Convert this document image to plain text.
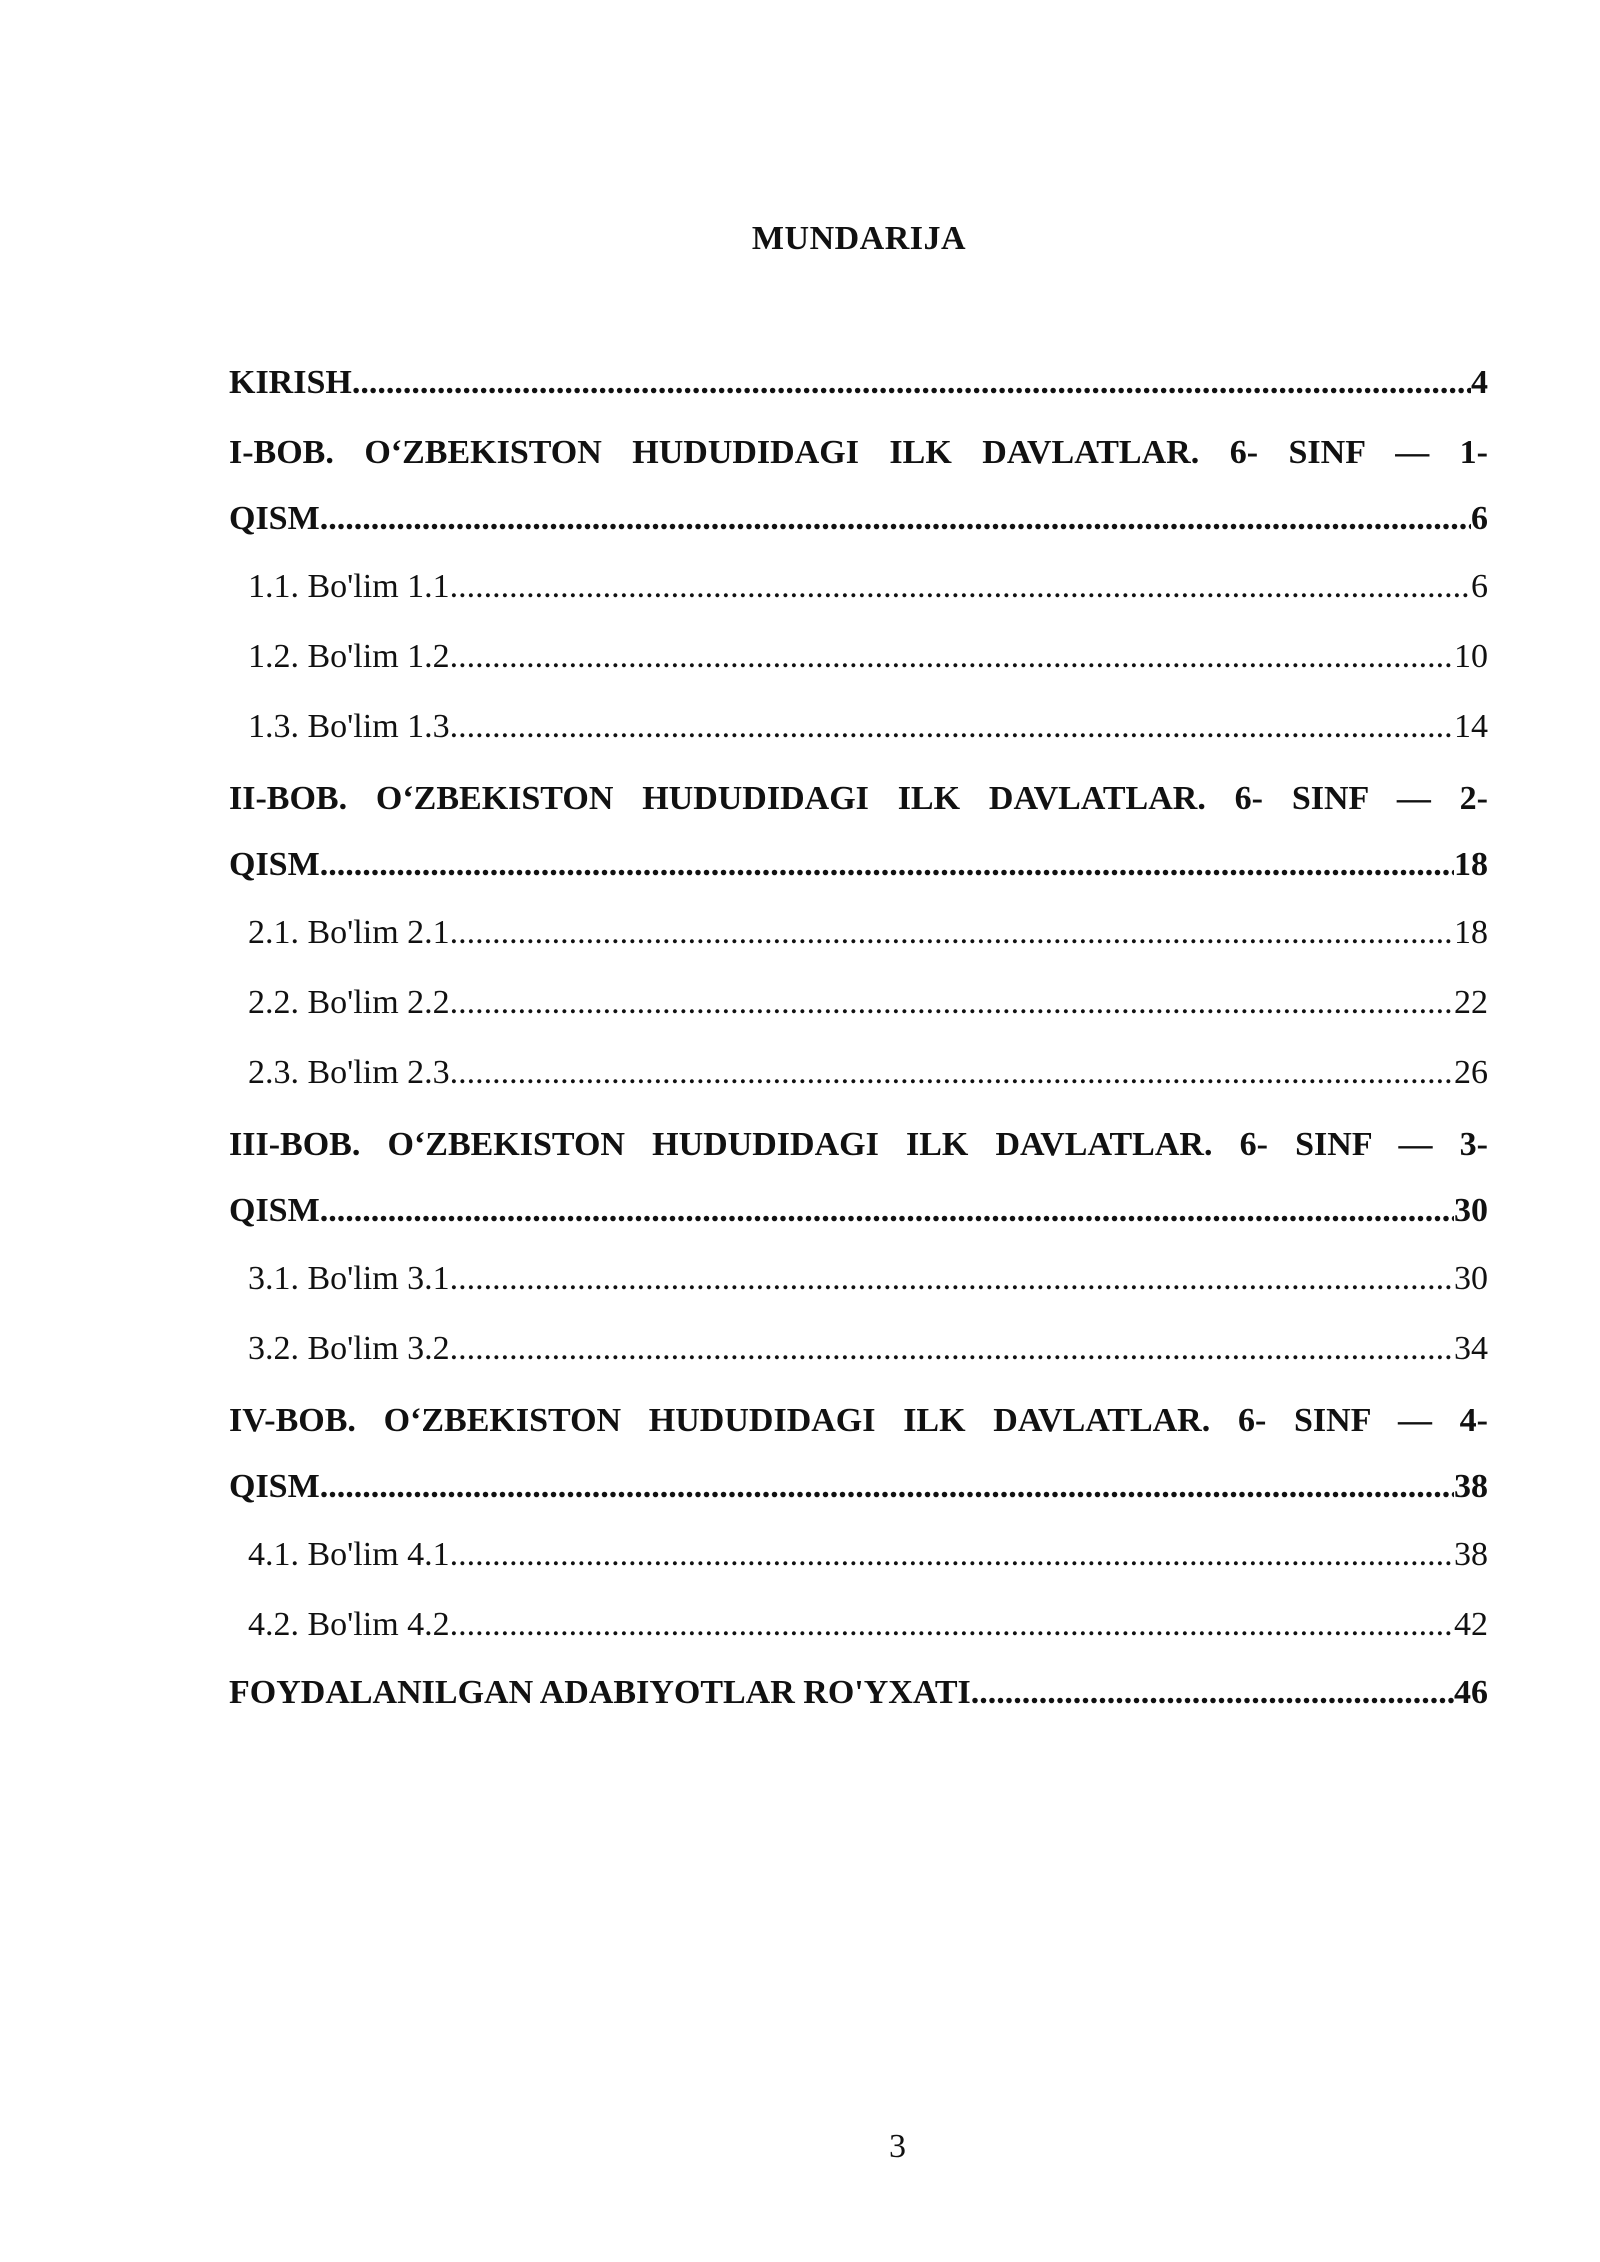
MUNDARIJA
KIRISH .....	4
I-BOB. O‘ZBEKISTON HUDUDIDAGI ILK DAVLATLAR. 6- SINF — 1-
QISM .....	6
1.1. Bo'lim 1.1 .....	6
1.2. Bo'lim 1.2 .....	10
1.3. Bo'lim 1.3 .....	14
II-BOB. O‘ZBEKISTON HUDUDIDAGI ILK DAVLATLAR. 6- SINF — 2-
QISM .....	18
2.1. Bo'lim 2.1 .....	18
2.2. Bo'lim 2.2 .....	22
2.3. Bo'lim 2.3 .....	26
III-BOB. O‘ZBEKISTON HUDUDIDAGI ILK DAVLATLAR. 6- SINF — 3-
QISM .....	30
3.1. Bo'lim 3.1 .....	30
3.2. Bo'lim 3.2 .....	34
IV-BOB. O‘ZBEKISTON HUDUDIDAGI ILK DAVLATLAR. 6- SINF — 4-
QISM .....	38
4.1. Bo'lim 4.1 .....	38
4.2. Bo'lim 4.2 .....	42
FOYDALANILGAN ADABIYOTLAR RO'YXATI .....	46
3
